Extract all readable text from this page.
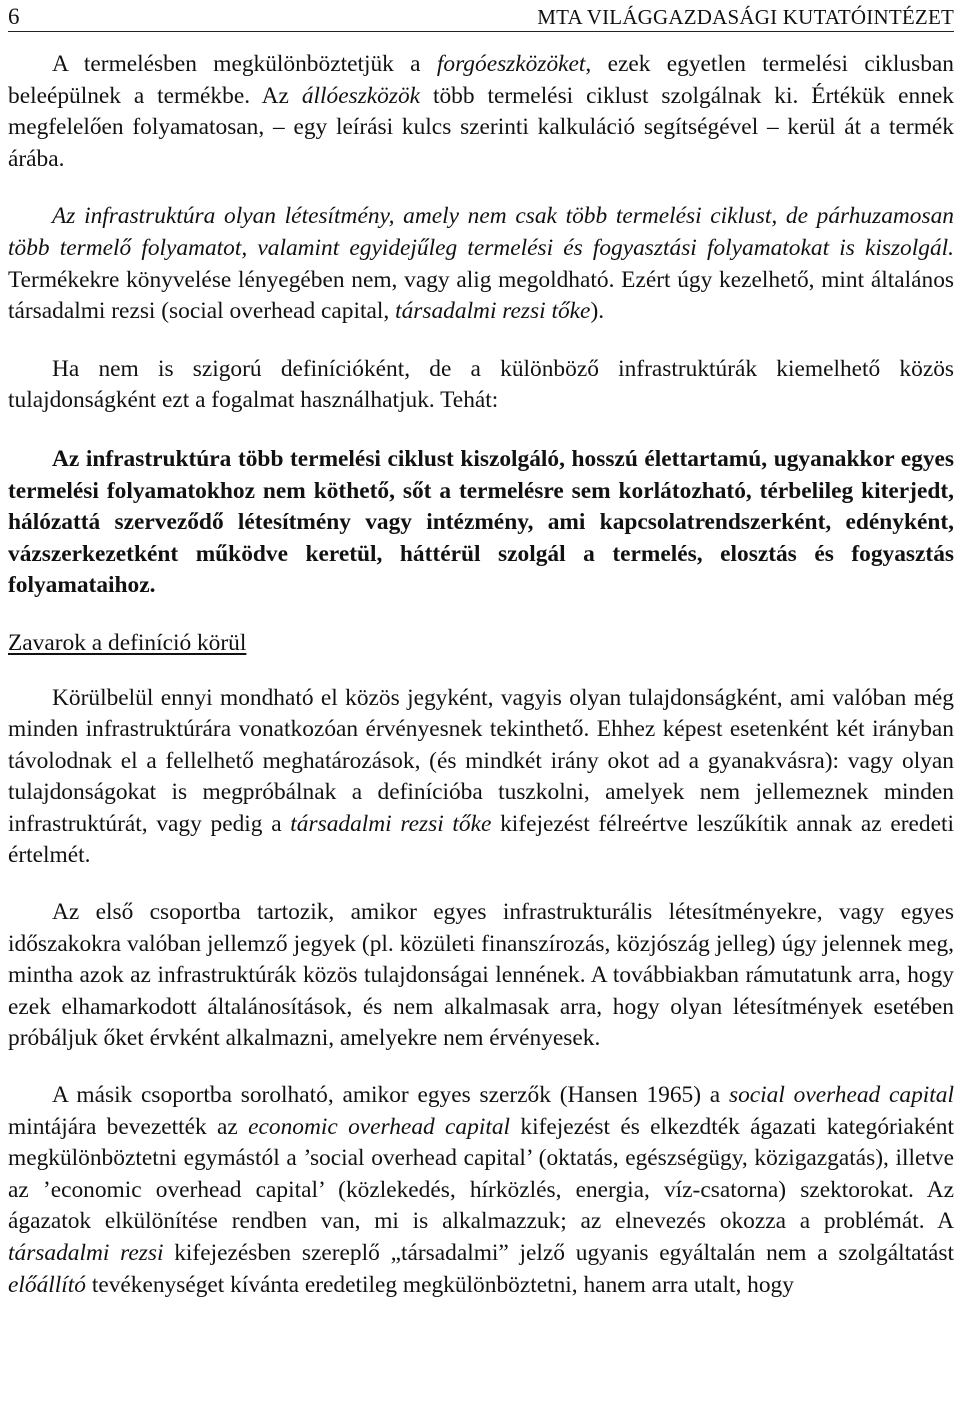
6	MTA VILÁGGAZDASÁGI KUTATÓINTÉZET

A termelésben megkülönböztetjük a forgóeszközöket, ezek egyetlen termelési ciklusban beleépülnek a termékbe. Az állóeszközök több termelési ciklust szolgálnak ki. Értékük ennek megfelelően folyamatosan, – egy leírási kulcs szerinti kalkuláció segítségével – kerül át a termék árába.

Az infrastruktúra olyan létesítmény, amely nem csak több termelési ciklust, de párhuzamosan több termelő folyamatot, valamint egyidejűleg termelési és fogyasztási folyamatokat is kiszolgál. Termékekre könyvelése lényegében nem, vagy alig megoldható. Ezért úgy kezelhető, mint általános társadalmi rezsi (social overhead capital, társadalmi rezsi tőke).

Ha nem is szigorú definícióként, de a különböző infrastruktúrák kiemelhető közös tulajdonságként ezt a fogalmat használhatjuk. Tehát:

Az infrastruktúra több termelési ciklust kiszolgáló, hosszú élettartamú, ugyanakkor egyes termelési folyamatokhoz nem köthető, sőt a termelésre sem korlátozható, térbelileg kiterjedt, hálózattá szerveződő létesítmény vagy intézmény, ami kapcsolatrendszerként, edényként, vázszerkezetként működve keretül, háttérül szolgál a termelés, elosztás és fogyasztás folyamataihoz.

Zavarok a definíció körül

Körülbelül ennyi mondható el közös jegyként, vagyis olyan tulajdonságként, ami valóban még minden infrastruktúrára vonatkozóan érvényesnek tekinthető. Ehhez képest esetenként két irányban távolodnak el a fellelhető meghatározások, (és mindkét irány okot ad a gyanakvásra): vagy olyan tulajdonságokat is megpróbálnak a definícióba tuszkolni, amelyek nem jellemeznek minden infrastruktúrát, vagy pedig a társadalmi rezsi tőke kifejezést félreértve leszűkítik annak az eredeti értelmét.

Az első csoportba tartozik, amikor egyes infrastrukturális létesítményekre, vagy egyes időszakokra valóban jellemző jegyek (pl. közületi finanszírozás, közjószág jelleg) úgy jelennek meg, mintha azok az infrastruktúrák közös tulajdonságai lennének. A továbbiakban rámutatunk arra, hogy ezek elhamarkodott általánosítások, és nem alkalmasak arra, hogy olyan létesítmények esetében próbáljuk őket érvként alkalmazni, amelyekre nem érvényesek.

A másik csoportba sorolható, amikor egyes szerzők (Hansen 1965) a social overhead capital mintájára bevezették az economic overhead capital kifejezést és elkezdték ágazati kategóriaként megkülönböztetni egymástól a ’social overhead capital’ (oktatás, egészségügy, közigazgatás), illetve az ’economic overhead capital’ (közlekedés, hírközlés, energia, víz-csatorna) szektorokat. Az ágazatok elkülönítése rendben van, mi is alkalmazzuk; az elnevezés okozza a problémát. A társadalmi rezsi kifejezésben szereplő „társadalmi” jelző ugyanis egyáltalán nem a szolgáltatást előállító tevékenységet kívánta eredetileg megkülönböztetni, hanem arra utalt, hogy
